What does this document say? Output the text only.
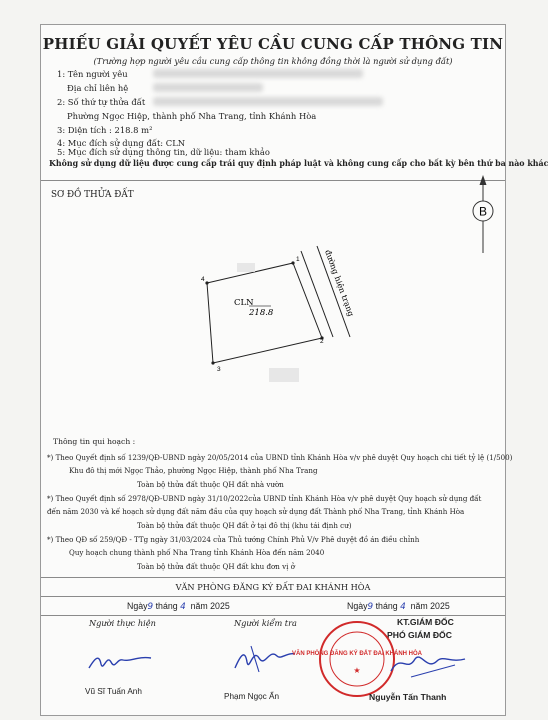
PHIẾU GIẢI QUYẾT YÊU CẦU CUNG CẤP THÔNG TIN
(Trường hợp người yêu cầu cung cấp thông tin không đồng thời là người sử dụng đất)
1: Tên người yêu
Địa chỉ liên hệ
2: Số thứ tự thửa đất
Phường Ngọc Hiệp, thành phố Nha Trang, tỉnh Khánh Hòa
3: Diện tích : 218.8 m²
4: Mục đích sử dụng đất: CLN
5: Mục đích sử dụng thông tin, dữ liệu: tham khảo
Không sử dụng dữ liệu được cung cấp trái quy định pháp luật và không cung cấp cho bất kỳ bên thứ ba nào khác
SƠ ĐỒ THỬA ĐẤT
B
đường hiện trạng
CLN
218.8
1
2
3
4
Thông tin qui hoạch :
*) Theo Quyết định số 1239/QĐ-UBND ngày 20/05/2014 của UBND tỉnh Khánh Hòa v/v phê duyệt Quy hoạch chi tiết tỷ lệ (1/500)
Khu đô thị mới Ngọc Thảo, phường Ngọc Hiệp, thành phố Nha Trang
Toàn bộ thửa đất thuộc QH đất nhà vườn
*) Theo Quyết định số 2978/QĐ-UBND ngày 31/10/2022của UBND tỉnh Khánh Hòa v/v phê duyệt Quy hoạch sử dụng đất
đến năm 2030 và kế hoạch sử dụng đất năm đầu của quy hoạch sử dụng đất Thành phố Nha Trang, tỉnh Khánh Hòa
Toàn bộ thửa đất thuộc QH đất ở tại đô thị (khu tái định cư)
*) Theo QĐ số 259/QĐ - TTg ngày 31/03/2024 của Thủ tướng Chính Phủ V/v Phê duyệt đồ án điều chỉnh
Quy hoạch chung thành phố Nha Trang tỉnh Khánh Hòa đến năm 2040
Toàn bộ thửa đất thuộc QH đất khu đơn vị ở
VĂN PHÒNG ĐĂNG KÝ ĐẤT ĐAI KHÁNH HÒA
Ngày9 tháng 4 năm 2025	Ngày9 tháng 4 năm 2025
Người thực hiện	Người kiểm tra	KT.GIÁM ĐỐC
PHÓ GIÁM ĐỐC
VĂN PHÒNG ĐĂNG KÝ ĐẤT ĐAI KHÁNH HÒA
★
Vũ Sĩ Tuấn Anh
Phạm Ngọc Ẩn	Nguyễn Tấn Thanh
